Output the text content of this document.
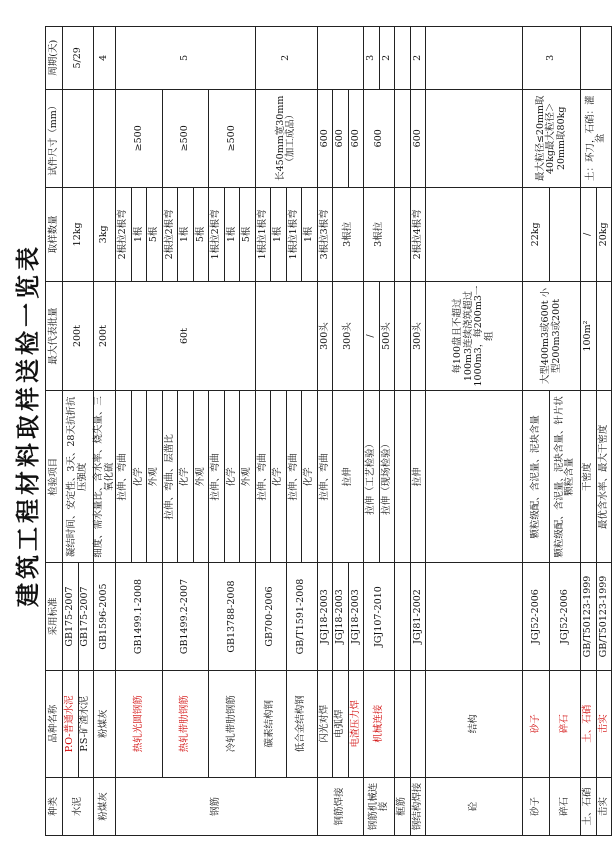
建筑工程材料取样送检一览表
种类	品种名称	采用标准	检验项目	最大代表批量	取样数量	试件尺寸（mm）	周期(天)
水泥	P.O-普通水泥	GB175-2007	凝结时间、安定性、3天、28天抗折抗压强度	200t	12kg		5/29
	P.S-矿渣水泥	GB175-2007					
粉煤灰	粉煤灰	GB1596-2005	细度、需水量比、含水率、烧失量、三氧化硫	200t	3kg		4
钢筋	热轧光圆钢筋	GB1499.1-2008	拉伸、弯曲	60t	2根拉2根弯	≥500	5
			化学		1根		
			外观		5根		
	热轧带肋钢筋	GB1499.2-2007	拉伸、弯曲、层凿比		2根拉2根弯	≥500	
			化学		1根		
			外观		5根		
	冷轧带肋钢筋	GB13788-2008	拉伸、弯曲		1根拉2根弯	≥500	
			化学		1根		
			外观		5根		
	碳素结构钢	GB700-2006	拉伸、弯曲		1根拉1根弯	长450mm宽30mm（加工成品）	2
			化学		1根		
	低合金结构钢	GB/T1591-2008	拉伸、弯曲		1根拉1根弯		
			化学		1根		
钢筋焊接	闪光对焊	JGJ18-2003	拉伸、弯曲	300头	3根拉3根弯	600	
	电弧焊	JGJ18-2003	拉伸	300头	3根拉	600	
	电渣压力焊	JGJ18-2003				600	
钢筋机械连接	机械连接	JGJ107-2010	拉伸（工艺检验）	/	3根拉	600	3
			拉伸（现场检验）	500头			2
框筋							
钢结构焊接		JGJ81-2002	拉伸	300头	2根拉4根弯	600	2
砼	结构			每100盘且不超过100m3连续浇筑超过1000m3，每200m3一组			
砂子	砂子	JGJ52-2006	颗粒级配、含泥量、泥块含量	大型400m3或600t 小型200m3或200t	22kg	最大粒径≤20mm取40kg最大粒径＞20mm取80kg	3
碎石	碎石	JGJ52-2006	颗粒级配、含泥量、泥块含量、针片状颗粒含量				
土、石硝	土、石硝	GB/T50123-1999	干密度	100m²	/	土：环刀，石硝：灌盆	
击实	击实	GB/T50123-1999	最优含水率、最大干密度		20kg		
